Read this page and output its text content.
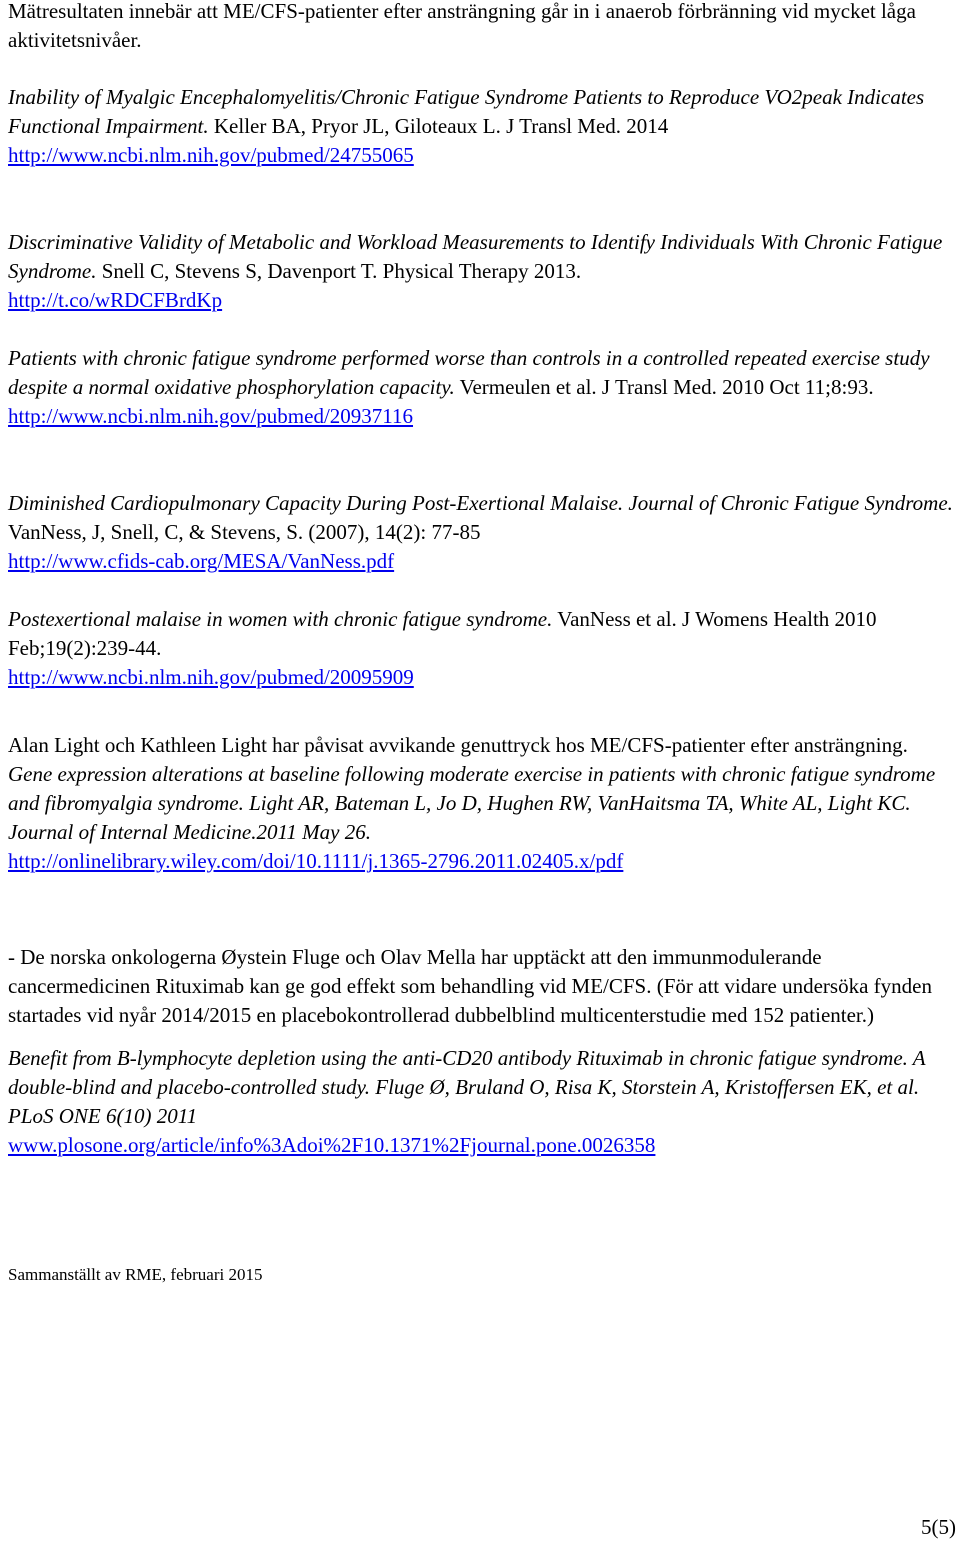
Mätresultaten innebär att ME/CFS-patienter efter ansträngning går in i anaerob förbränning vid mycket låga aktivitetsnivåer.

Inability of Myalgic Encephalomyelitis/Chronic Fatigue Syndrome Patients to Reproduce VO2peak Indicates Functional Impairment. Keller BA, Pryor JL, Giloteaux L. J Transl Med. 2014
http://www.ncbi.nlm.nih.gov/pubmed/24755065
Discriminative Validity of Metabolic and Workload Measurements to Identify Individuals With Chronic Fatigue Syndrome. Snell C, Stevens S, Davenport T. Physical Therapy 2013.
http://t.co/wRDCFBrdKp
Patients with chronic fatigue syndrome performed worse than controls in a controlled repeated exercise study despite a normal oxidative phosphorylation capacity. Vermeulen et al. J Transl Med. 2010 Oct 11;8:93.
http://www.ncbi.nlm.nih.gov/pubmed/20937116
Diminished Cardiopulmonary Capacity During Post-Exertional Malaise. Journal of Chronic Fatigue Syndrome. VanNess, J, Snell, C, & Stevens, S. (2007), 14(2): 77-85
http://www.cfids-cab.org/MESA/VanNess.pdf
Postexertional malaise in women with chronic fatigue syndrome. VanNess et al. J Womens Health 2010 Feb;19(2):239-44.
http://www.ncbi.nlm.nih.gov/pubmed/20095909
Alan Light och Kathleen Light har påvisat avvikande genuttryck hos ME/CFS-patienter efter ansträngning.
Gene expression alterations at baseline following moderate exercise in patients with chronic fatigue syndrome and fibromyalgia syndrome. Light AR, Bateman L, Jo D, Hughen RW, VanHaitsma TA, White AL, Light KC. Journal of Internal Medicine.2011 May 26.
http://onlinelibrary.wiley.com/doi/10.1111/j.1365-2796.2011.02405.x/pdf
- De norska onkologerna Øystein Fluge och Olav Mella har upptäckt att den immunmodulerande cancermedicinen Rituximab kan ge god effekt som behandling vid ME/CFS. (För att vidare undersöka fynden startades vid nyår 2014/2015 en placebokontrollerad dubbelblind multicenterstudie med 152 patienter.)
Benefit from B-lymphocyte depletion using the anti-CD20 antibody Rituximab in chronic fatigue syndrome. A double-blind and placebo-controlled study. Fluge Ø, Bruland O, Risa K, Storstein A, Kristoffersen EK, et al. PLoS ONE 6(10) 2011
www.plosone.org/article/info%3Adoi%2F10.1371%2Fjournal.pone.0026358
Sammanställt av RME, februari 2015
5(5)
